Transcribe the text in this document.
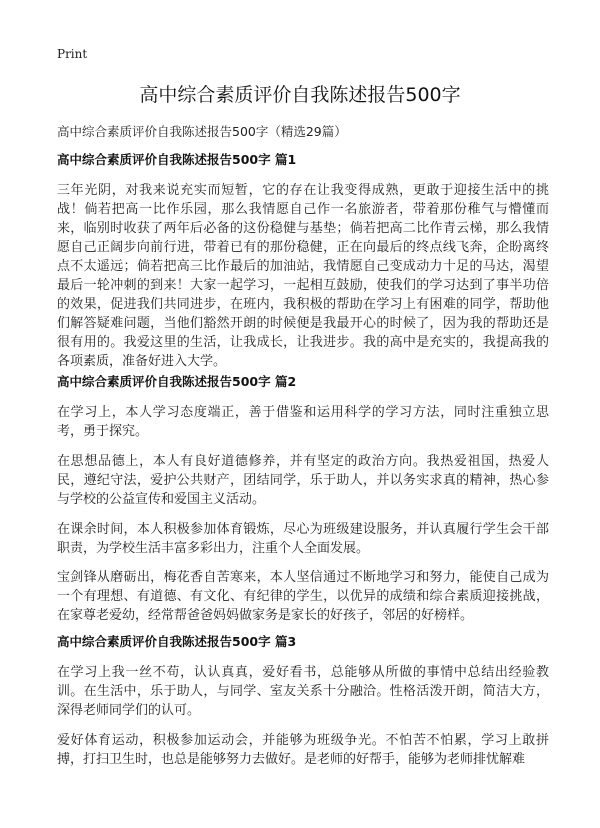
Print
高中综合素质评价自我陈述报告500字
高中综合素质评价自我陈述报告500字（精选29篇）
高中综合素质评价自我陈述报告500字 篇1

三年光阴，对我来说充实而短暂，它的存在让我变得成熟，更敢于迎接生活中的挑战！倘若把高一比作乐园，那么我情愿自己作一名旅游者，带着那份稚气与懵懂而来，临别时收获了两年后必备的这份稳健与基垫；倘若把高二比作青云梯，那么我情愿自己正阔步向前行进，带着已有的那份稳健，正在向最后的终点线飞奔，企盼离终点不太遥远；倘若把高三比作最后的加油站，我情愿自己变成动力十足的马达，渴望最后一轮冲刺的到来！大家一起学习，一起相互鼓励，使我们的学习达到了事半功倍的效果，促进我们共同进步，在班内，我积极的帮助在学习上有困难的同学，帮助他们解答疑难问题，当他们豁然开朗的时候便是我最开心的时候了，因为我的帮助还是很有用的。我爱这里的生活，让我成长，让我进步。我的高中是充实的，我提高我的各项素质，准备好进入大学。

高中综合素质评价自我陈述报告500字 篇2

在学习上，本人学习态度端正，善于借鉴和运用科学的学习方法，同时注重独立思考，勇于探究。

在思想品德上，本人有良好道德修养，并有坚定的政治方向。我热爱祖国，热爱人民，遵纪守法，爱护公共财产，团结同学，乐于助人，并以务实求真的精神，热心参与学校的公益宣传和爱国主义活动。

在课余时间，本人积极参加体育锻炼，尽心为班级建设服务，并认真履行学生会干部职责，为学校生活丰富多彩出力，注重个人全面发展。

宝剑锋从磨砺出，梅花香自苦寒来，本人坚信通过不断地学习和努力，能使自己成为一个有理想、有道德、有文化、有纪律的学生，以优异的成绩和综合素质迎接挑战，在家尊老爱幼，经常帮爸爸妈妈做家务是家长的好孩子，邻居的好榜样。

高中综合素质评价自我陈述报告500字 篇3

在学习上我一丝不苟，认认真真，爱好看书，总能够从所做的事情中总结出经验教训。在生活中，乐于助人，与同学、室友关系十分融洽。性格活泼开朗，简洁大方，深得老师同学们的认可。

爱好体育运动，积极参加运动会，并能够为班级争光。不怕苦不怕累，学习上敢拼搏，打扫卫生时，也总是能够努力去做好。是老师的好帮手，能够为老师排忧解难
